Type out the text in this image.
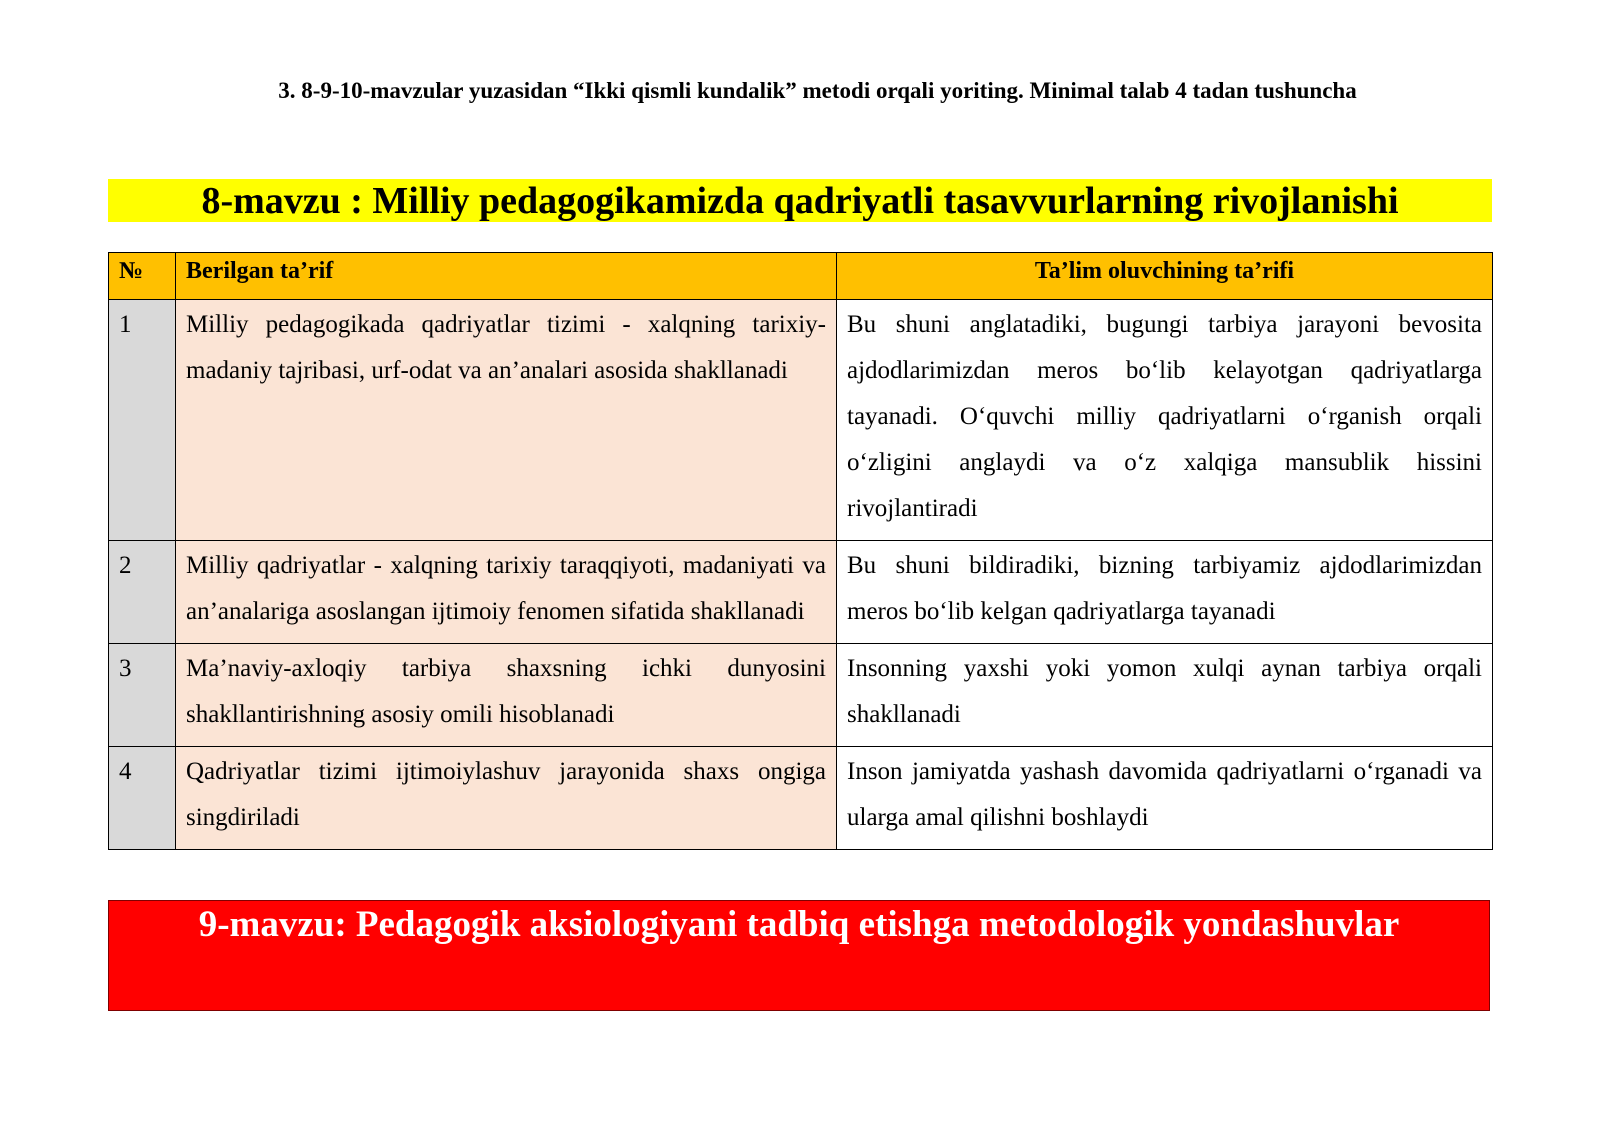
3. 8-9-10-mavzular yuzasidan “Ikki qismli kundalik” metodi orqali yoriting. Minimal talab 4 tadan tushuncha
8-mavzu : Milliy pedagogikamizda qadriyatli tasavvurlarning rivojlanishi
№	Berilgan ta’rif	Ta’lim oluvchining ta’rifi
1	Milliy pedagogikada qadriyatlar tizimi - xalqning tarixiy-madaniy tajribasi, urf-odat va an’analari asosida shakllanadi	Bu shuni anglatadiki, bugungi tarbiya jarayoni bevosita ajdodlarimizdan meros bo‘lib kelayotgan qadriyatlarga tayanadi. O‘quvchi milliy qadriyatlarni o‘rganish orqali o‘zligini anglaydi va o‘z xalqiga mansublik hissini rivojlantiradi
2	Milliy qadriyatlar - xalqning tarixiy taraqqiyoti, madaniyati va an’analariga asoslangan ijtimoiy fenomen sifatida shakllanadi	Bu shuni bildiradiki, bizning tarbiyamiz ajdodlarimizdan meros bo‘lib kelgan qadriyatlarga tayanadi
3	Ma’naviy-axloqiy tarbiya shaxsning ichki dunyosini shakllantirishning asosiy omili hisoblanadi	Insonning yaxshi yoki yomon xulqi aynan tarbiya orqali shakllanadi
4	Qadriyatlar tizimi ijtimoiylashuv jarayonida shaxs ongiga singdiriladi	Inson jamiyatda yashash davomida qadriyatlarni o‘rganadi va ularga amal qilishni boshlaydi
9-mavzu: Pedagogik aksiologiyani tadbiq etishga metodologik yondashuvlar
